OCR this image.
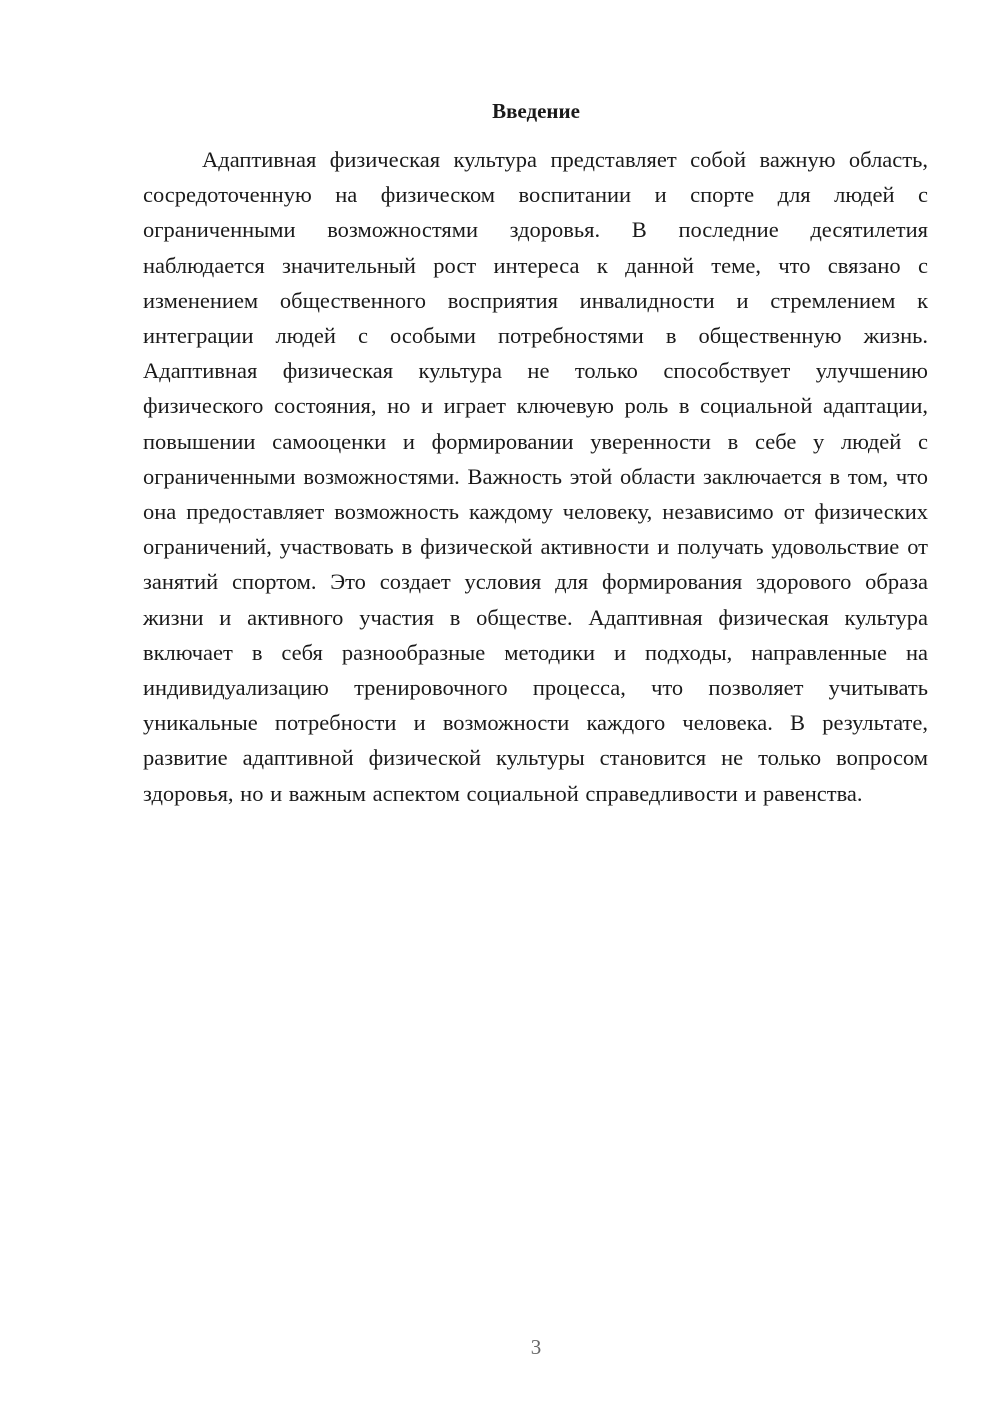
Введение

Адаптивная физическая культура представляет собой важную область, сосредоточенную на физическом воспитании и спорте для людей с ограниченными возможностями здоровья. В последние десятилетия наблюдается значительный рост интереса к данной теме, что связано с изменением общественного восприятия инвалидности и стремлением к интеграции людей с особыми потребностями в общественную жизнь. Адаптивная физическая культура не только способствует улучшению физического состояния, но и играет ключевую роль в социальной адаптации, повышении самооценки и формировании уверенности в себе у людей с ограниченными возможностями. Важность этой области заключается в том, что она предоставляет возможность каждому человеку, независимо от физических ограничений, участвовать в физической активности и получать удовольствие от занятий спортом. Это создает условия для формирования здорового образа жизни и активного участия в обществе. Адаптивная физическая культура включает в себя разнообразные методики и подходы, направленные на индивидуализацию тренировочного процесса, что позволяет учитывать уникальные потребности и возможности каждого человека. В результате, развитие адаптивной физической культуры становится не только вопросом здоровья, но и важным аспектом социальной справедливости и равенства.

3
